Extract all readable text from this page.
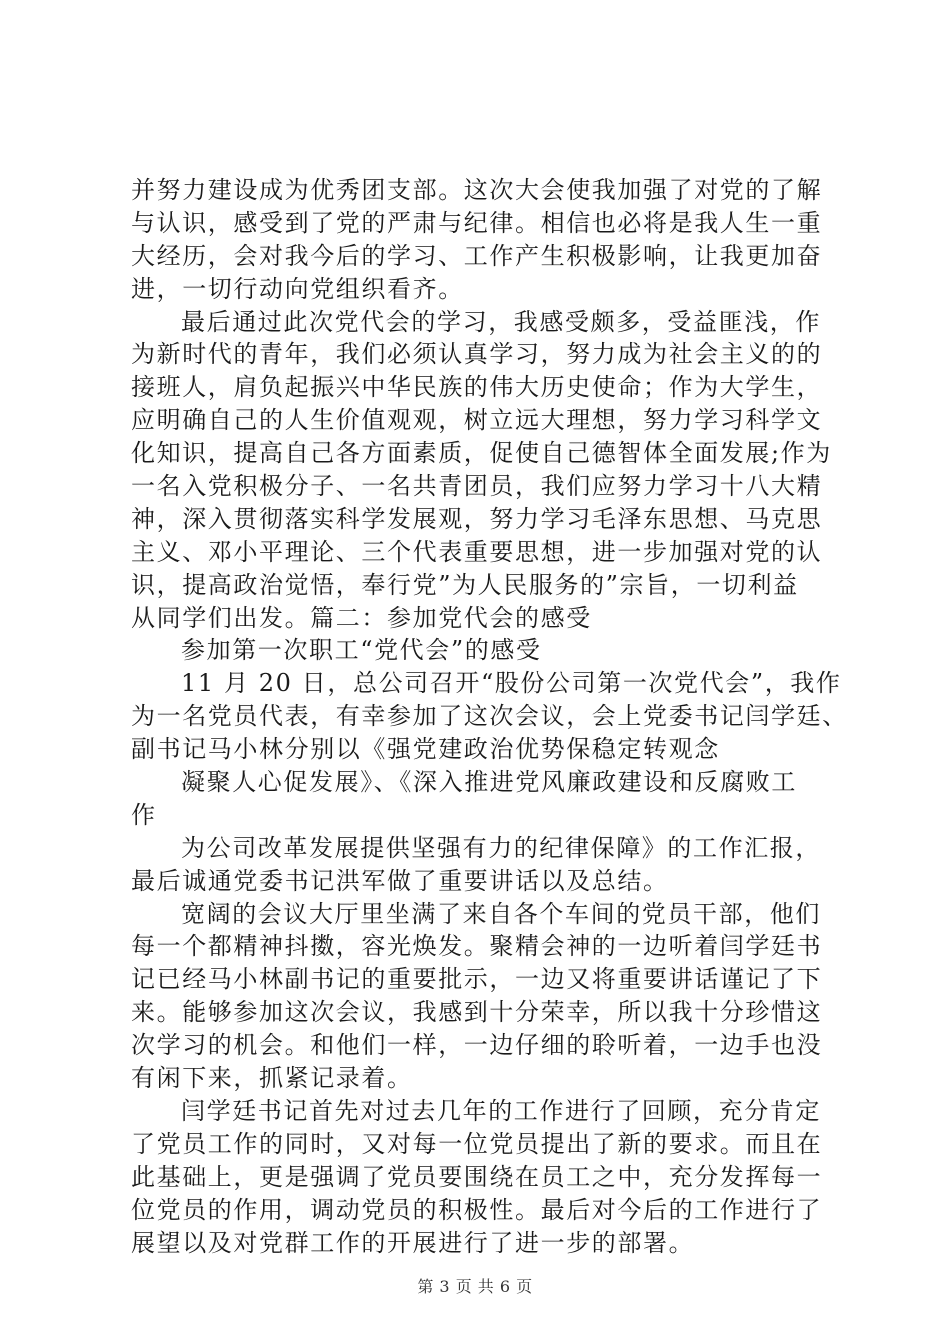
并努力建设成为优秀团支部。这次大会使我加强了对党的了解
与认识，感受到了党的严肃与纪律。相信也必将是我人生一重
大经历，会对我今后的学习、工作产生积极影响，让我更加奋
进，一切行动向党组织看齐。
最后通过此次党代会的学习，我感受颇多，受益匪浅，作
为新时代的青年，我们必须认真学习，努力成为社会主义的的
接班人，肩负起振兴中华民族的伟大历史使命；作为大学生，
应明确自己的人生价值观观，树立远大理想，努力学习科学文
化知识，提高自己各方面素质，促使自己德智体全面发展;作为
一名入党积极分子、一名共青团员，我们应努力学习十八大精
神，深入贯彻落实科学发展观，努力学习毛泽东思想、马克思
主义、邓小平理论、三个代表重要思想，进一步加强对党的认
识，提高政治觉悟，奉行党”为人民服务的”宗旨，一切利益
从同学们出发。篇二：参加党代会的感受
参加第一次职工“党代会”的感受
11 月 20 日，总公司召开“股份公司第一次党代会”，我作
为一名党员代表，有幸参加了这次会议，会上党委书记闫学廷、
副书记马小林分别以《强党建政治优势保稳定转观念
凝聚人心促发展》、《深入推进党风廉政建设和反腐败工
作
为公司改革发展提供坚强有力的纪律保障》的工作汇报，
最后诚通党委书记洪军做了重要讲话以及总结。
宽阔的会议大厅里坐满了来自各个车间的党员干部，他们
每一个都精神抖擞，容光焕发。聚精会神的一边听着闫学廷书
记已经马小林副书记的重要批示，一边又将重要讲话谨记了下
来。能够参加这次会议，我感到十分荣幸，所以我十分珍惜这
次学习的机会。和他们一样，一边仔细的聆听着，一边手也没
有闲下来，抓紧记录着。
闫学廷书记首先对过去几年的工作进行了回顾，充分肯定
了党员工作的同时，又对每一位党员提出了新的要求。而且在
此基础上，更是强调了党员要围绕在员工之中，充分发挥每一
位党员的作用，调动党员的积极性。最后对今后的工作进行了
展望以及对党群工作的开展进行了进一步的部署。
第 3 页 共 6 页
